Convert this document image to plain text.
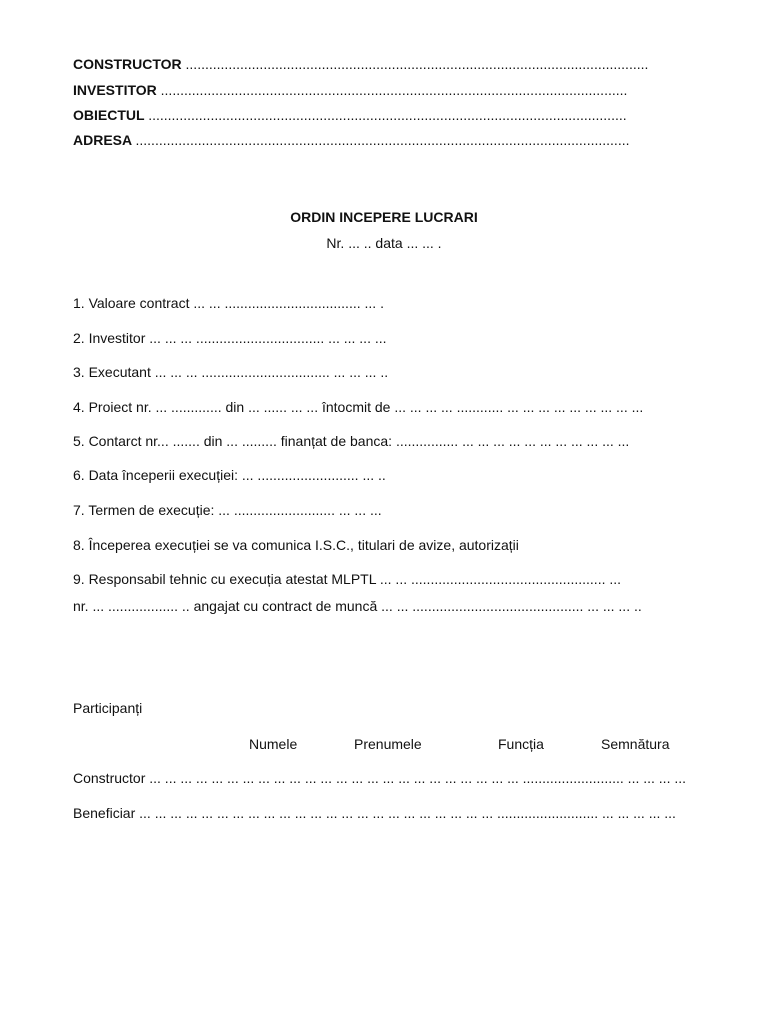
CONSTRUCTOR .......................................................................................................................
INVESTITOR ........................................................................................................................
OBIECTUL ...........................................................................................................................
ADRESA ...............................................................................................................................
ORDIN INCEPERE LUCRARI
Nr. ... .. data ... ... .
1. Valoare contract ... ... ................................... ... .
2. Investitor ... ... ... ................................. ... ... ... ...
3. Executant ... ... ... ................................. ... ... ... ..
4. Proiect nr. ... ............. din ... ...... ... ... întocmit de ... ... ... ... ............ ... ... ... ... ... ... ... ... ...
5. Contarct nr... ....... din ... ......... finanțat de banca: ................ ... ... ... ... ... ... ... ... ... ... ...
6. Data începerii execuției: ... .......................... ... ..
7. Termen de execuție: ... .......................... ... ... ...
8. Începerea execuției se va comunica I.S.C., titulari de avize, autorizații
9. Responsabil tehnic cu execuția atestat MLPTL ... ... .................................................. ...
nr. ... .................. .. angajat cu contract de muncă ... ... ............................................ ... ... ... ..
Participanți
Numele	Prenumele	Funcția	Semnătura
Constructor ... ... ... ... ... ... ... ... ... ... ... ... ... ... ... ... ... ... ... ... ... ... ... ... .......................... ... ... ... ...
Beneficiar ... ... ... ... ... ... ... ... ... ... ... ... ... ... ... ... ... ... ... ... ... ... ... .......................... ... ... ... ... ...
